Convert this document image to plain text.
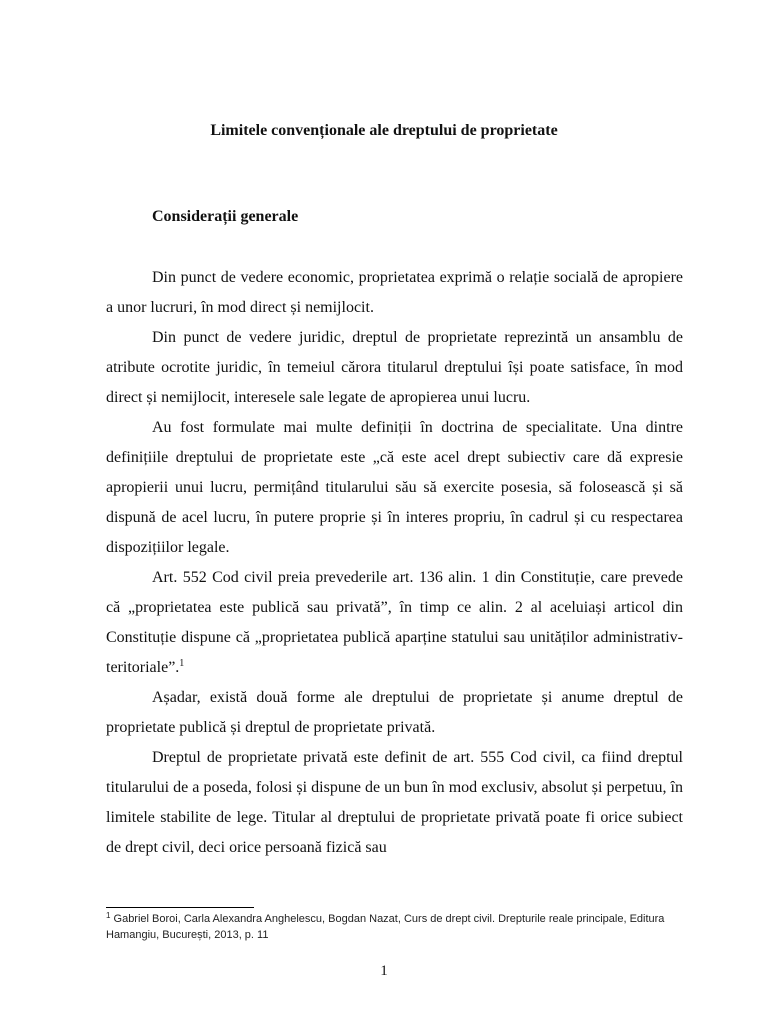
Limitele convenționale ale dreptului de proprietate
Considerații generale

Din punct de vedere economic, proprietatea exprimă o relație socială de apropiere a unor lucruri, în mod direct și nemijlocit.

Din punct de vedere juridic, dreptul de proprietate reprezintă un ansamblu de atribute ocrotite juridic, în temeiul cărora titularul dreptului își poate satisface, în mod direct și nemijlocit, interesele sale legate de apropierea unui lucru.

Au fost formulate mai multe definiții în doctrina de specialitate. Una dintre definițiile dreptului de proprietate este „că este acel drept subiectiv care dă expresie apropierii unui lucru, permițând titularului său să exercite posesia, să folosească și să dispună de acel lucru, în putere proprie și în interes propriu, în cadrul și cu respectarea dispozițiilor legale.

Art. 552 Cod civil preia prevederile art. 136 alin. 1 din Constituție, care prevede că „proprietatea este publică sau privată”, în timp ce alin. 2 al aceluiași articol din Constituție dispune că „proprietatea publică aparține statului sau unităților administrativ-teritoriale”.$^1$

Așadar, există două forme ale dreptului de proprietate și anume dreptul de proprietate publică și dreptul de proprietate privată.

Dreptul de proprietate privată este definit de art. 555 Cod civil, ca fiind dreptul titularului de a poseda, folosi și dispune de un bun în mod exclusiv, absolut și perpetuu, în limitele stabilite de lege. Titular al dreptului de proprietate privată poate fi orice subiect de drept civil, deci orice persoană fizică sau

$^1$ Gabriel Boroi, Carla Alexandra Anghelescu, Bogdan Nazat, Curs de drept civil. Drepturile reale principale, Editura Hamangiu, București, 2013, p. 11
1
